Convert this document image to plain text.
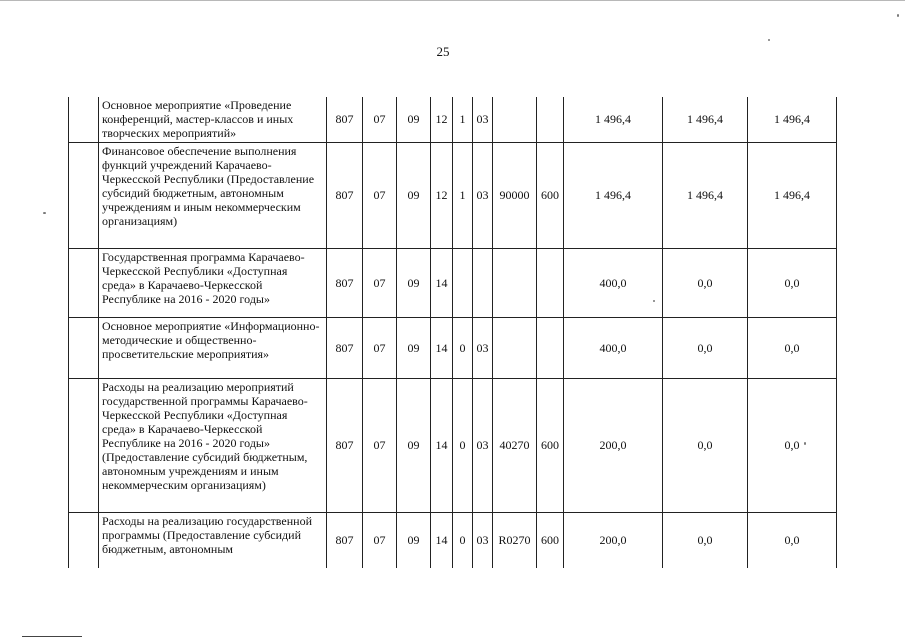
25
	Основное мероприятие «Проведение конференций, мастер-классов и иных творческих мероприятий»	807	07	09	12	1	03			1 496,4	1 496,4	1 496,4
	Финансовое обеспечение выполнения функций учреждений Карачаево-Черкесской Республики (Предоставление субсидий бюджетным, автономным учреждениям и иным некоммерческим организациям)	807	07	09	12	1	03	90000	600	1 496,4	1 496,4	1 496,4
	Государственная программа Карачаево-Черкесской Республики «Доступная среда» в Карачаево-Черкесской Республике на 2016 - 2020 годы»	807	07	09	14					400,0	0,0	0,0
	Основное мероприятие «Информационно-методические и общественно-просветительские мероприятия»	807	07	09	14	0	03			400,0	0,0	0,0
	Расходы на реализацию мероприятий государственной программы Карачаево-Черкесской Республики «Доступная среда» в Карачаево-Черкесской Республике на 2016 - 2020 годы» (Предоставление субсидий бюджетным, автономным учреждениям и иным некоммерческим организациям)	807	07	09	14	0	03	40270	600	200,0	0,0	0,0
	Расходы на реализацию государственной программы (Предоставление субсидий бюджетным, автономным	807	07	09	14	0	03	R0270	600	200,0	0,0	0,0
